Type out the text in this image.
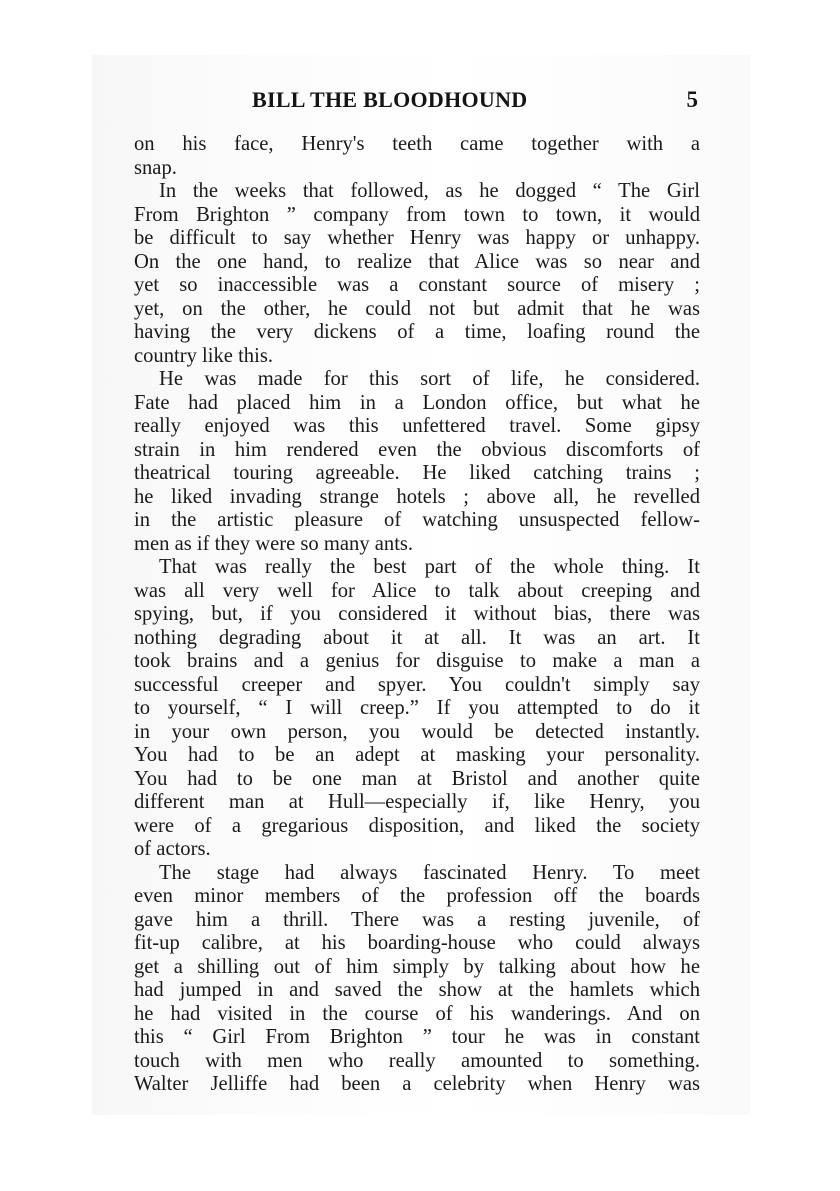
BILL THE BLOODHOUND	5
on his face, Henry's teeth came together with a
snap.
In the weeks that followed, as he dogged “ The Girl
From Brighton ” company from town to town, it would
be difficult to say whether Henry was happy or unhappy.
On the one hand, to realize that Alice was so near and
yet so inaccessible was a constant source of misery ;
yet, on the other, he could not but admit that he was
having the very dickens of a time, loafing round the
country like this.
He was made for this sort of life, he considered.
Fate had placed him in a London office, but what he
really enjoyed was this unfettered travel. Some gipsy
strain in him rendered even the obvious discomforts of
theatrical touring agreeable. He liked catching trains ;
he liked invading strange hotels ; above all, he revelled
in the artistic pleasure of watching unsuspected fellow-
men as if they were so many ants.
That was really the best part of the whole thing. It
was all very well for Alice to talk about creeping and
spying, but, if you considered it without bias, there was
nothing degrading about it at all. It was an art. It
took brains and a genius for disguise to make a man a
successful creeper and spyer. You couldn't simply say
to yourself, “ I will creep.” If you attempted to do it
in your own person, you would be detected instantly.
You had to be an adept at masking your personality.
You had to be one man at Bristol and another quite
different man at Hull—especially if, like Henry, you
were of a gregarious disposition, and liked the society
of actors.
The stage had always fascinated Henry. To meet
even minor members of the profession off the boards
gave him a thrill. There was a resting juvenile, of
fit-up calibre, at his boarding-house who could always
get a shilling out of him simply by talking about how he
had jumped in and saved the show at the hamlets which
he had visited in the course of his wanderings. And on
this “ Girl From Brighton ” tour he was in constant
touch with men who really amounted to something.
Walter Jelliffe had been a celebrity when Henry was
